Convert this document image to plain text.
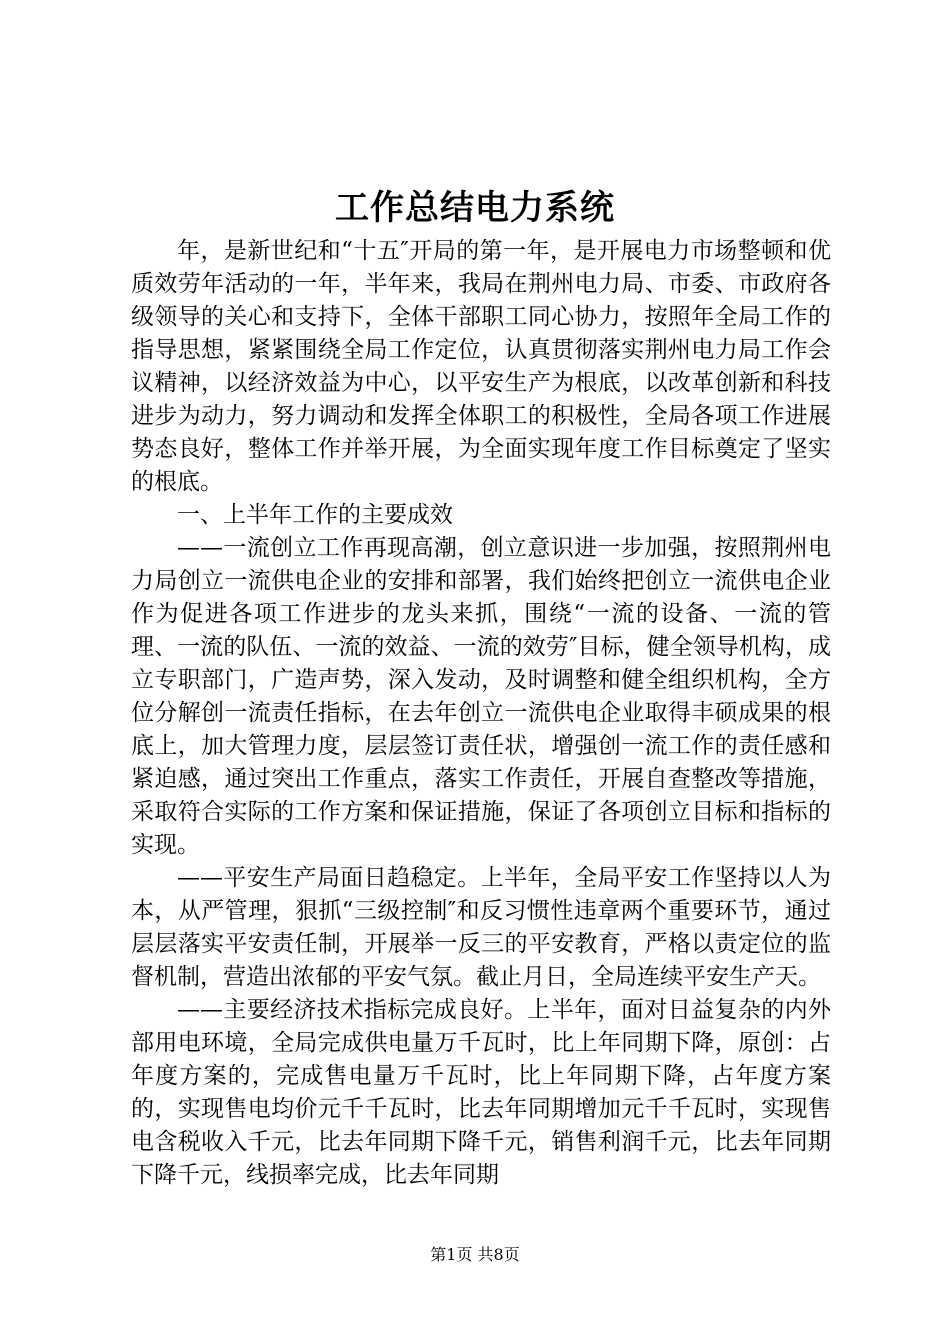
工作总结电力系统

年，是新世纪和“十五″开局的第一年，是开展电力市场整顿和优质效劳年活动的一年，半年来，我局在荆州电力局、市委、市政府各级领导的关心和支持下，全体干部职工同心协力，按照年全局工作的指导思想，紧紧围绕全局工作定位，认真贯彻落实荆州电力局工作会议精神，以经济效益为中心，以平安生产为根底，以改革创新和科技进步为动力，努力调动和发挥全体职工的积极性，全局各项工作进展势态良好，整体工作并举开展，为全面实现年度工作目标奠定了坚实的根底。

一、上半年工作的主要成效

——一流创立工作再现高潮，创立意识进一步加强，按照荆州电力局创立一流供电企业的安排和部署，我们始终把创立一流供电企业作为促进各项工作进步的龙头来抓，围绕“一流的设备、一流的管理、一流的队伍、一流的效益、一流的效劳″目标，健全领导机构，成立专职部门，广造声势，深入发动，及时调整和健全组织机构，全方位分解创一流责任指标，在去年创立一流供电企业取得丰硕成果的根底上，加大管理力度，层层签订责任状，增强创一流工作的责任感和紧迫感，通过突出工作重点，落实工作责任，开展自查整改等措施，采取符合实际的工作方案和保证措施，保证了各项创立目标和指标的实现。

——平安生产局面日趋稳定。上半年，全局平安工作坚持以人为本，从严管理，狠抓“三级控制″和反习惯性违章两个重要环节，通过层层落实平安责任制，开展举一反三的平安教育，严格以责定位的监督机制，营造出浓郁的平安气氛。截止月日，全局连续平安生产天。

——主要经济技术指标完成良好。上半年，面对日益复杂的内外部用电环境，全局完成供电量万千瓦时，比上年同期下降，原创：占年度方案的，完成售电量万千瓦时，比上年同期下降，占年度方案的，实现售电均价元千千瓦时，比去年同期增加元千千瓦时，实现售电含税收入千元，比去年同期下降千元，销售利润千元，比去年同期下降千元，线损率完成，比去年同期

第1页 共8页
